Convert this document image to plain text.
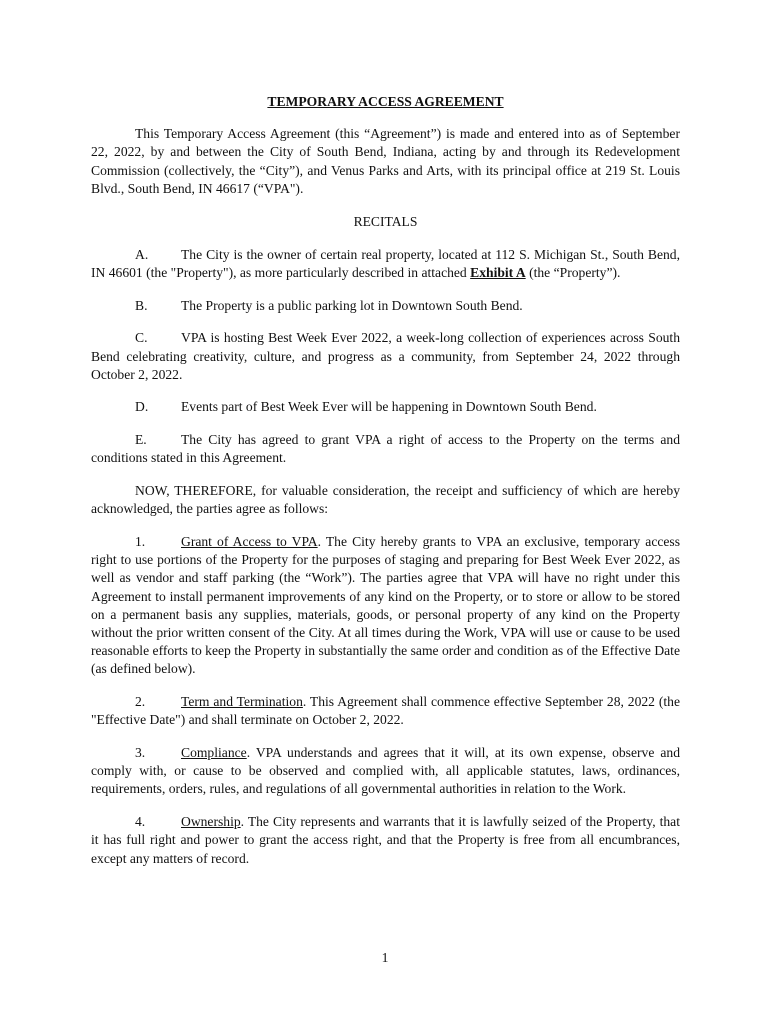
TEMPORARY ACCESS AGREEMENT

This Temporary Access Agreement (this “Agreement”) is made and entered into as of September 22, 2022, by and between the City of South Bend, Indiana, acting by and through its Redevelopment Commission (collectively, the “City”), and Venus Parks and Arts, with its principal office at 219 St. Louis Blvd., South Bend, IN 46617 (“VPA").

RECITALS

A. The City is the owner of certain real property, located at 112 S. Michigan St., South Bend, IN 46601 (the "Property"), as more particularly described in attached Exhibit A (the “Property”).

B. The Property is a public parking lot in Downtown South Bend.

C. VPA is hosting Best Week Ever 2022, a week-long collection of experiences across South Bend celebrating creativity, culture, and progress as a community, from September 24, 2022 through October 2, 2022.

D. Events part of Best Week Ever will be happening in Downtown South Bend.

E.	The City has agreed to grant VPA a right of access to the Property on the terms and conditions stated in this Agreement.

NOW, THEREFORE, for valuable consideration, the receipt and sufficiency of which are hereby acknowledged, the parties agree as follows:

1.	Grant of Access to VPA. The City hereby grants to VPA an exclusive, temporary access right to use portions of the Property for the purposes of staging and preparing for Best Week Ever 2022, as well as vendor and staff parking (the “Work”). The parties agree that VPA will have no right under this Agreement to install permanent improvements of any kind on the Property, or to store or allow to be stored on a permanent basis any supplies, materials, goods, or personal property of any kind on the Property without the prior written consent of the City. At all times during the Work, VPA will use or cause to be used reasonable efforts to keep the Property in substantially the same order and condition as of the Effective Date (as defined below).

2.	Term and Termination. This Agreement shall commence effective September 28, 2022 (the "Effective Date") and shall terminate on October 2, 2022.

3.	Compliance. VPA understands and agrees that it will, at its own expense, observe and comply with, or cause to be observed and complied with, all applicable statutes, laws, ordinances, requirements, orders, rules, and regulations of all governmental authorities in relation to the Work.

4.	Ownership. The City represents and warrants that it is lawfully seized of the Property, that it has full right and power to grant the access right, and that the Property is free from all encumbrances, except any matters of record.

1
